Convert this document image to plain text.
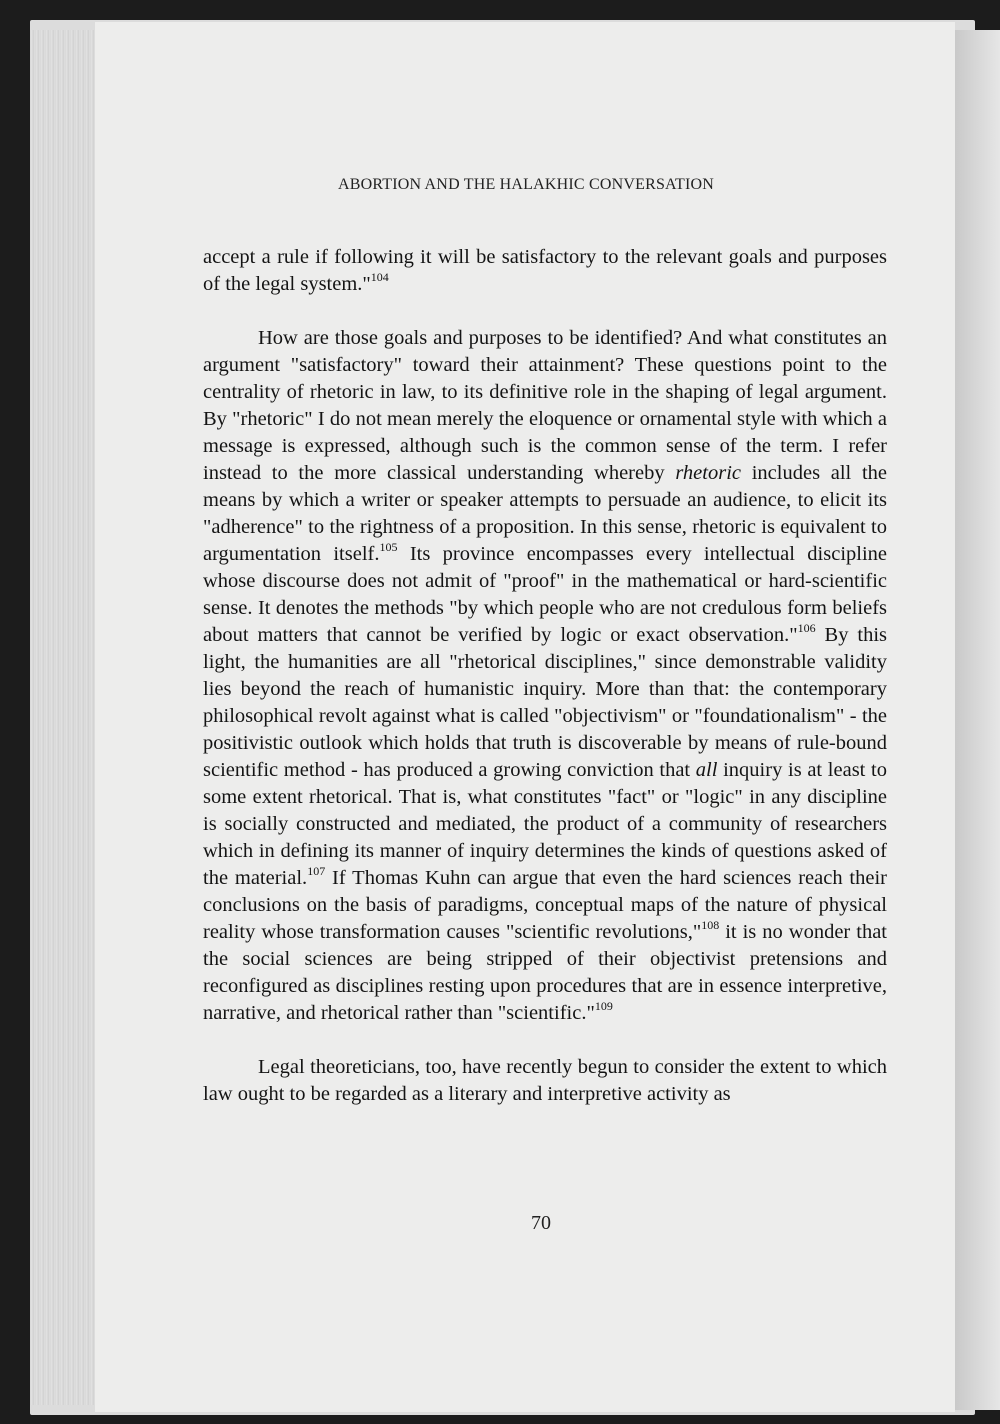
ABORTION AND THE HALAKHIC CONVERSATION

accept a rule if following it will be satisfactory to the relevant goals and purposes of the legal system."$^{104}$

How are those goals and purposes to be identified? And what constitutes an argument "satisfactory" toward their attainment? These questions point to the centrality of rhetoric in law, to its definitive role in the shaping of legal argument. By "rhetoric" I do not mean merely the eloquence or ornamental style with which a message is expressed, although such is the common sense of the term. I refer instead to the more classical understanding whereby rhetoric includes all the means by which a writer or speaker attempts to persuade an audience, to elicit its "adherence" to the rightness of a proposition. In this sense, rhetoric is equivalent to argumentation itself.$^{105}$ Its province encompasses every intellectual discipline whose discourse does not admit of "proof" in the mathematical or hard-scientific sense. It denotes the methods "by which people who are not credulous form beliefs about matters that cannot be verified by logic or exact observation."$^{106}$ By this light, the humanities are all "rhetorical disciplines," since demonstrable validity lies beyond the reach of humanistic inquiry. More than that: the contemporary philosophical revolt against what is called "objectivism" or "foundationalism" - the positivistic outlook which holds that truth is discoverable by means of rule-bound scientific method - has produced a growing conviction that all inquiry is at least to some extent rhetorical. That is, what constitutes "fact" or "logic" in any discipline is socially constructed and mediated, the product of a community of researchers which in defining its manner of inquiry determines the kinds of questions asked of the material.$^{107}$ If Thomas Kuhn can argue that even the hard sciences reach their conclusions on the basis of paradigms, conceptual maps of the nature of physical reality whose transformation causes "scientific revolutions,"$^{108}$ it is no wonder that the social sciences are being stripped of their objectivist pretensions and reconfigured as disciplines resting upon procedures that are in essence interpretive, narrative, and rhetorical rather than "scientific."$^{109}$

Legal theoreticians, too, have recently begun to consider the extent to which law ought to be regarded as a literary and interpretive activity as

70
